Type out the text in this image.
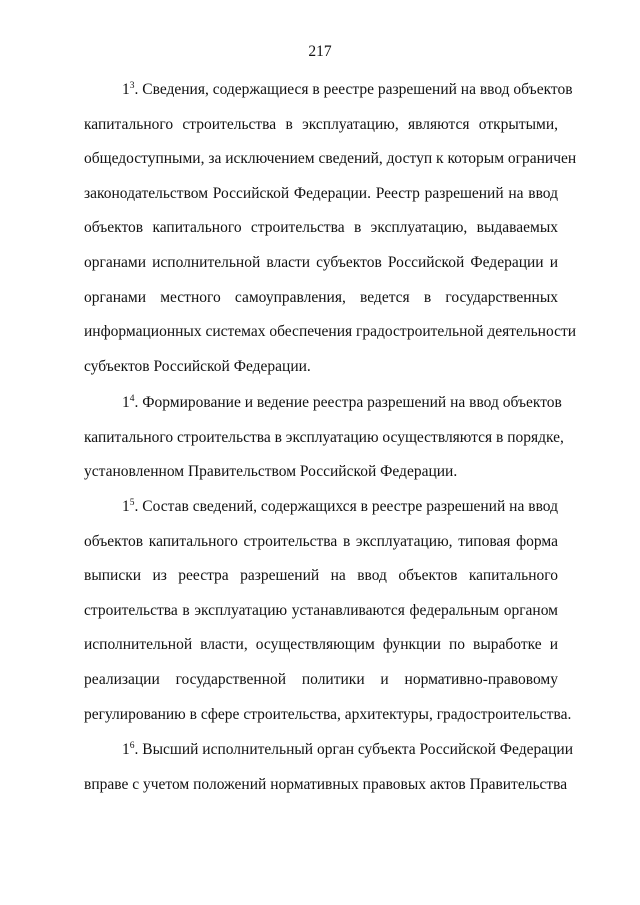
217
$1^3$. Сведения, содержащиеся в реестре разрешений на ввод объектов
капитального строительства в эксплуатацию, являются открытыми,
общедоступными, за исключением сведений, доступ к которым ограничен
законодательством Российской Федерации. Реестр разрешений на ввод
объектов капитального строительства в эксплуатацию, выдаваемых
органами исполнительной власти субъектов Российской Федерации и
органами местного самоуправления, ведется в государственных
информационных системах обеспечения градостроительной деятельности
субъектов Российской Федерации.
$1^4$. Формирование и ведение реестра разрешений на ввод объектов
капитального строительства в эксплуатацию осуществляются в порядке,
установленном Правительством Российской Федерации.
$1^5$. Состав сведений, содержащихся в реестре разрешений на ввод
объектов капитального строительства в эксплуатацию, типовая форма
выписки из реестра разрешений на ввод объектов капитального
строительства в эксплуатацию устанавливаются федеральным органом
исполнительной власти, осуществляющим функции по выработке и
реализации государственной политики и нормативно-правовому
регулированию в сфере строительства, архитектуры, градостроительства.
$1^6$. Высший исполнительный орган субъекта Российской Федерации
вправе с учетом положений нормативных правовых актов Правительства
